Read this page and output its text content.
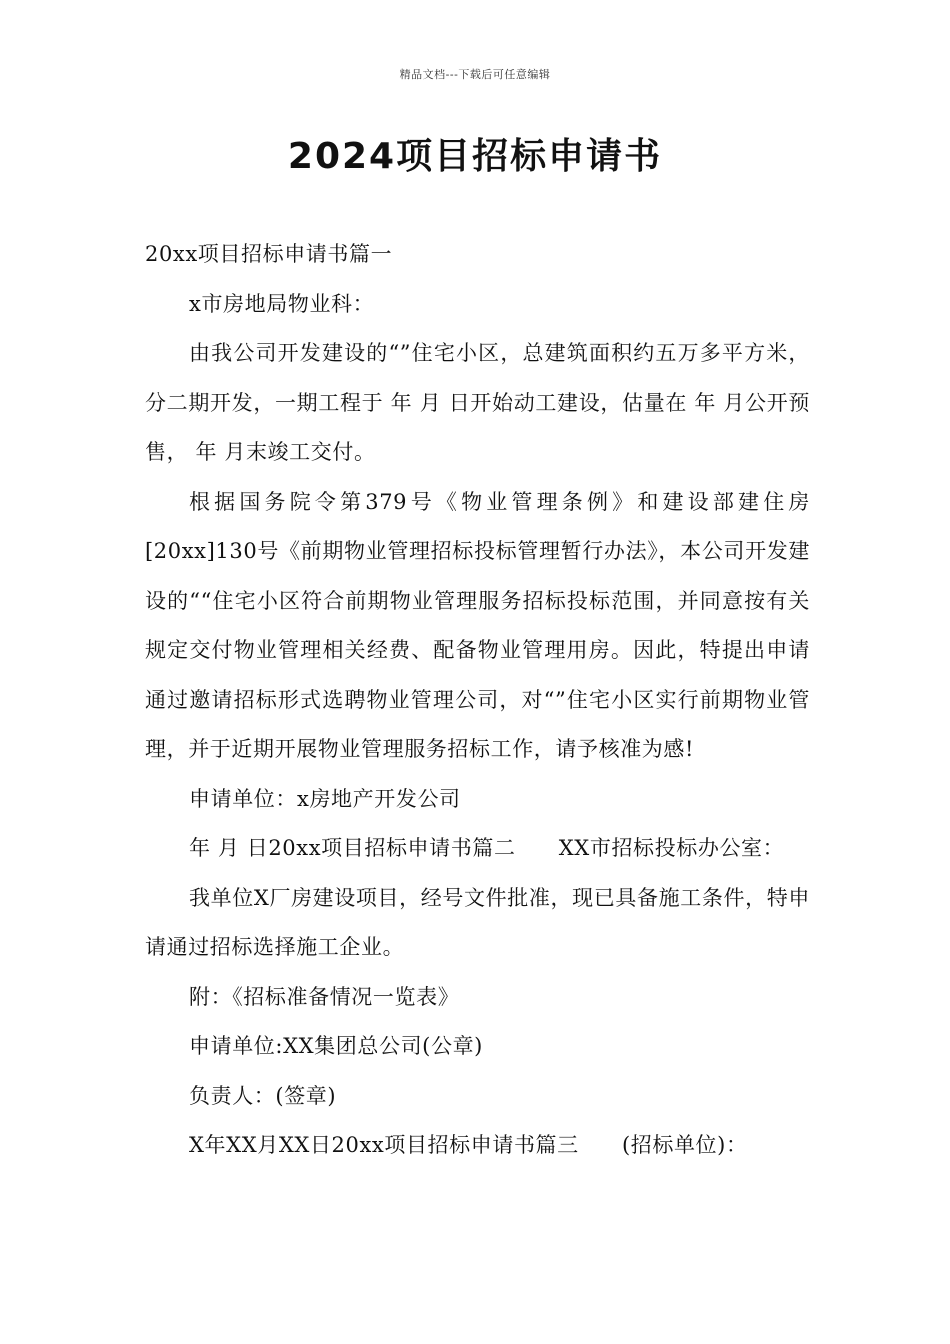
精品文档---下载后可任意编辑
2024项目招标申请书

20xx项目招标申请书篇一

x市房地局物业科：

由我公司开发建设的“”住宅小区，总建筑面积约五万多平方米，分二期开发，一期工程于 年 月 日开始动工建设，估量在 年 月公开预售， 年 月末竣工交付。

根据国务院令第379号《物业管理条例》和建设部建住房[20xx]130号《前期物业管理招标投标管理暂行办法》，本公司开发建设的““住宅小区符合前期物业管理服务招标投标范围，并同意按有关规定交付物业管理相关经费、配备物业管理用房。因此，特提出申请通过邀请招标形式选聘物业管理公司，对“”住宅小区实行前期物业管理，并于近期开展物业管理服务招标工作，请予核准为感!

申请单位：x房地产开发公司

年 月 日20xx项目招标申请书篇二　　XX市招标投标办公室：

我单位X厂房建设项目，经号文件批准，现已具备施工条件，特申请通过招标选择施工企业。

附：《招标准备情况一览表》

申请单位:XX集团总公司(公章)

负责人：(签章)

X年XX月XX日20xx项目招标申请书篇三　　(招标单位)：
